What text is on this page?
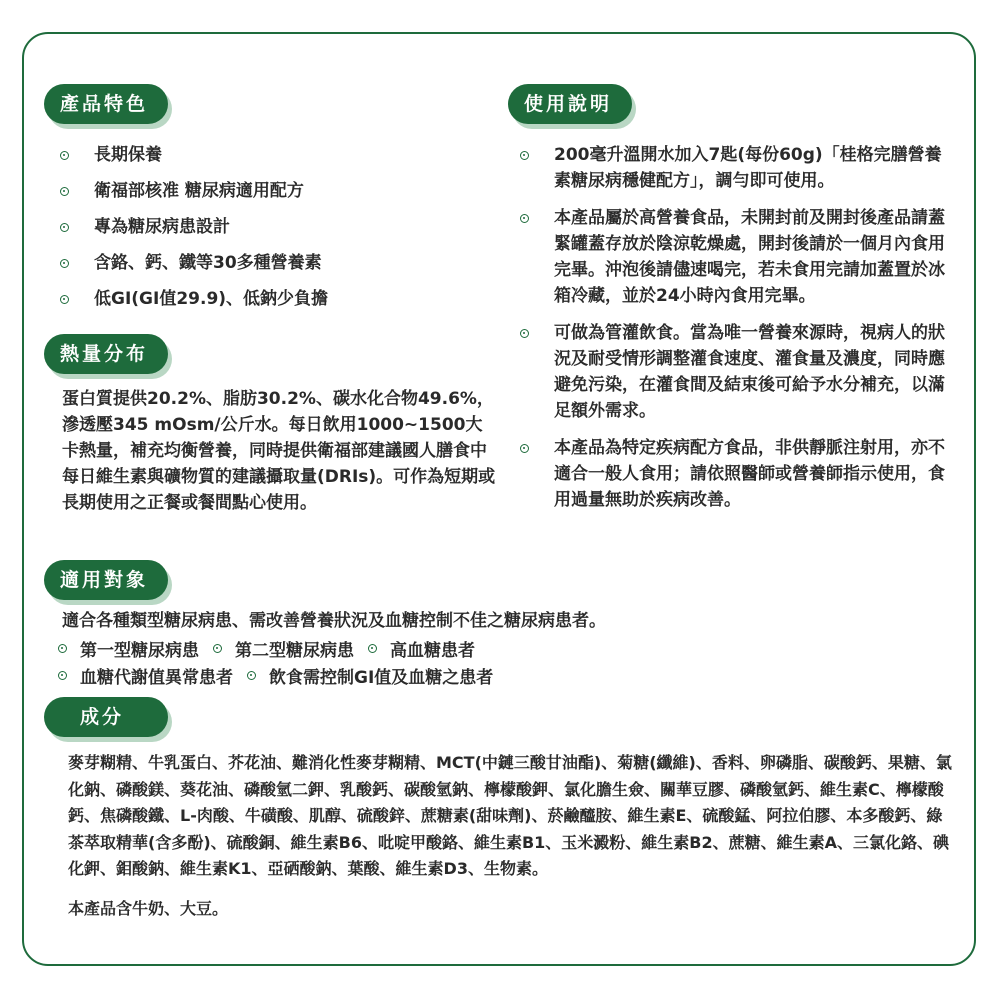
產品特色
長期保養
衛福部核准 糖尿病適用配方
專為糖尿病患設計
含鉻、鈣、鐵等30多種營養素
低GI(GI值29.9)、低鈉少負擔
使用說明
200毫升溫開水加入7匙(每份60g)「桂格完膳營養素糖尿病穩健配方」，調勻即可使用。
本產品屬於高營養食品，未開封前及開封後產品請蓋緊罐蓋存放於陰涼乾燥處，開封後請於一個月內食用完畢。沖泡後請儘速喝完，若未食用完請加蓋置於冰箱冷藏，並於24小時內食用完畢。
可做為管灌飲食。當為唯一營養來源時，視病人的狀況及耐受情形調整灌食速度、灌食量及濃度，同時應避免污染，在灌食間及結束後可給予水分補充，以滿足額外需求。
本產品為特定疾病配方食品，非供靜脈注射用，亦不適合一般人食用；請依照醫師或營養師指示使用，食用過量無助於疾病改善。
熱量分布
蛋白質提供20.2%、脂肪30.2%、碳水化合物49.6%，滲透壓345 mOsm/公斤水。每日飲用1000~1500大卡熱量，補充均衡營養，同時提供衛福部建議國人膳食中每日維生素與礦物質的建議攝取量(DRIs)。可作為短期或長期使用之正餐或餐間點心使用。
適用對象
適合各種類型糖尿病患、需改善營養狀況及血糖控制不佳之糖尿病患者。
第一型糖尿病患 第二型糖尿病患 高血糖患者
血糖代謝值異常患者 飲食需控制GI值及血糖之患者
成分
麥芽糊精、牛乳蛋白、芥花油、難消化性麥芽糊精、MCT(中鏈三酸甘油酯)、菊糖(纖維)、香料、卵磷脂、碳酸鈣、果糖、氯化鈉、磷酸鎂、葵花油、磷酸氫二鉀、乳酸鈣、碳酸氫鈉、檸檬酸鉀、氯化膽生僉、關華豆膠、磷酸氫鈣、維生素C、檸檬酸鈣、焦磷酸鐵、L-肉酸、牛磺酸、肌醇、硫酸鋅、蔗糖素(甜味劑)、菸鹼醯胺、維生素E、硫酸錳、阿拉伯膠、本多酸鈣、綠茶萃取精華(含多酚)、硫酸銅、維生素B6、吡啶甲酸鉻、維生素B1、玉米澱粉、維生素B2、蔗糖、維生素A、三氯化鉻、碘化鉀、鉬酸鈉、維生素K1、亞硒酸鈉、葉酸、維生素D3、生物素。
本產品含牛奶、大豆。
